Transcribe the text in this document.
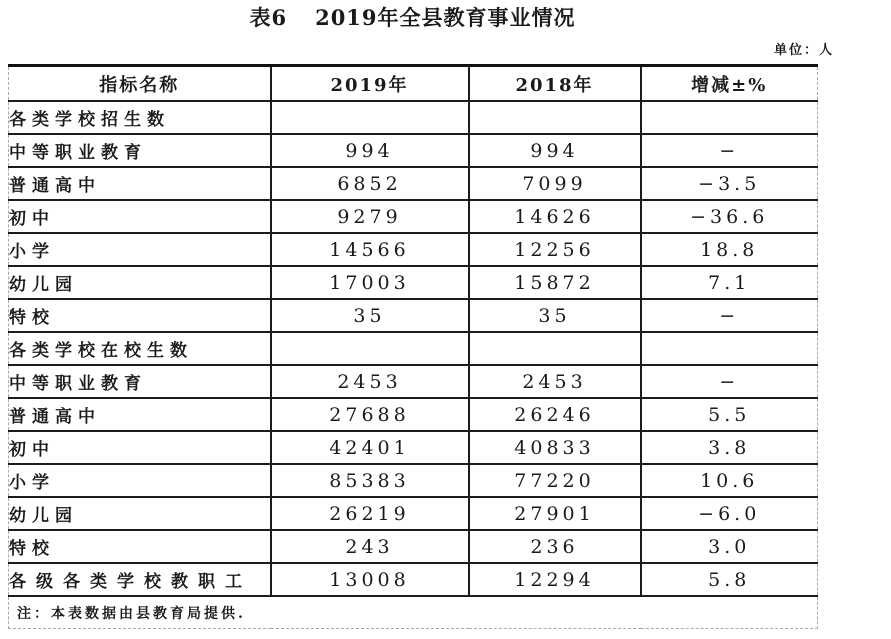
表6 2019年全县教育事业情况
单位：人
指标名称	2019年	2018年	增减±%
各类学校招生数			
中等职业教育	994	994	−
普通高中	6852	7099	−3.5
初中	9279	14626	−36.6
小学	14566	12256	18.8
幼儿园	17003	15872	7.1
特校	35	35	−
各类学校在校生数			
中等职业教育	2453	2453	−
普通高中	27688	26246	5.5
初中	42401	40833	3.8
小学	85383	77220	10.6
幼儿园	26219	27901	−6.0
特校	243	236	3.0
各级各类学校教职工	13008	12294	5.8
注：本表数据由县教育局提供.			
